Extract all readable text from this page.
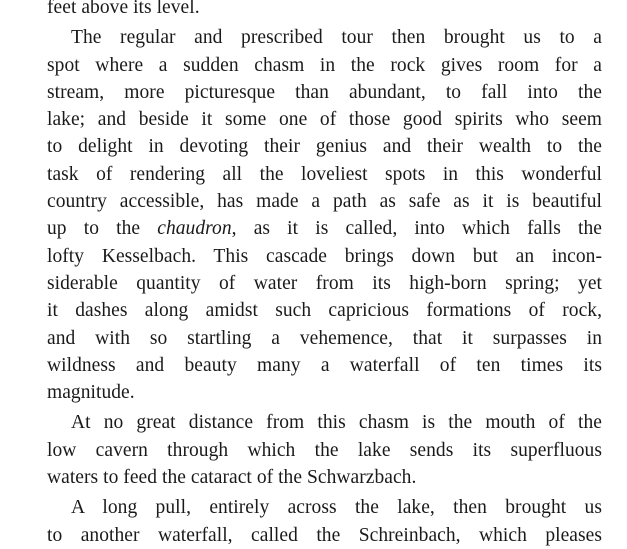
feet above its level.
The regular and prescribed tour then brought us to a
spot where a sudden chasm in the rock gives room for a
stream, more picturesque than abundant, to fall into the
lake; and beside it some one of those good spirits who seem
to delight in devoting their genius and their wealth to the
task of rendering all the loveliest spots in this wonderful
country accessible, has made a path as safe as it is beautiful
up to the chaudron, as it is called, into which falls the
lofty Kesselbach. This cascade brings down but an incon-
siderable quantity of water from its high-born spring; yet
it dashes along amidst such capricious formations of rock,
and with so startling a vehemence, that it surpasses in
wildness and beauty many a waterfall of ten times its
magnitude.
At no great distance from this chasm is the mouth of the
low cavern through which the lake sends its superfluous
waters to feed the cataract of the Schwarzbach.
A long pull, entirely across the lake, then brought us
to another waterfall, called the Schreinbach, which pleases
